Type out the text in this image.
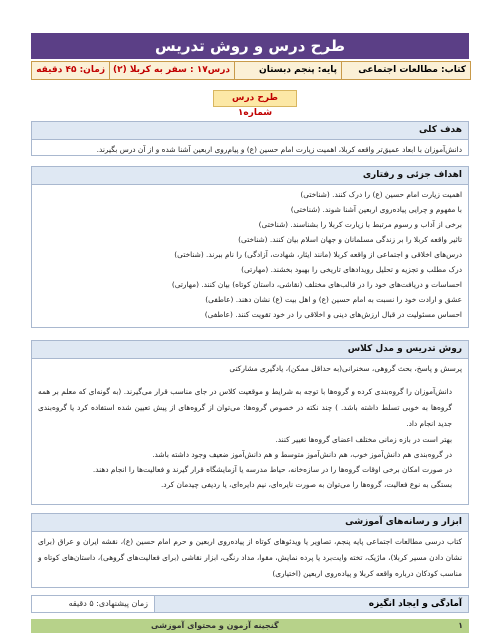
طرح درس و روش تدریس
کتاب: مطالعات اجتماعی
پایه: پنجم دبستان
درس۱۷ : سفر به کربلا (۲)
زمان: ۴۵ دقیقه
طرح درس شماره۱
هدف کلی
دانش‌آموزان با ابعاد عمیق‌تر واقعه کربلا، اهمیت زیارت امام حسین (ع) و پیام‌روی اربعین آشنا شده و از آن درس بگیرند.
اهداف جزئی و رفتاری
اهمیت زیارت امام حسین (ع) را درک کنند. (شناختی)
با مفهوم و چرایی پیاده‌روی اربعین آشنا شوند. (شناختی)
برخی از آداب و رسوم مرتبط با زیارت کربلا را بشناسند. (شناختی)
تاثیر واقعه کربلا را بر زندگی مسلمانان و جهان اسلام بیان کنند. (شناختی)
درس‌های اخلاقی و اجتماعی از واقعه کربلا (مانند ایثار، شهادت، آزادگی) را نام ببرند. (شناختی)
درک مطلب و تجزیه و تحلیل رویدادهای تاریخی را بهبود بخشند. (مهارتی)
احساسات و دریافت‌های خود را در قالب‌های مختلف (نقاشی، داستان کوتاه) بیان کنند. (مهارتی)
عشق و ارادت خود را نسبت به امام حسین (ع) و اهل بیت (ع) نشان دهند. (عاطفی)
احساس مسئولیت در قبال ارزش‌های دینی و اخلاقی را در خود تقویت کنند. (عاطفی)
روش تدریس و مدل کلاس
پرسش و پاسخ، بحث گروهی، سخنرانی(به حداقل ممکن)، یادگیری مشارکتی
دانش‌آموزان را گروه‌بندی کرده و گروه‌ها با توجه به شرایط و موقعیت کلاس در جای مناسب قرار می‌گیرند. (به گونه‌ای که معلم بر همه گروه‌ها به خوبی تسلط داشته باشد. ) چند نکته در خصوص گروه‌ها: می‌توان از گروه‌های از پیش تعیین شده استفاده کرد یا گروه‌بندی جدید انجام داد.
بهتر است در بازه زمانی مختلف اعضای گروه‌ها تغییر کنند.
در گروه‌بندی هم دانش‌آموز خوب، هم دانش‌آموز متوسط و هم دانش‌آموز ضعیف وجود داشته باشد.
در صورت امکان برخی اوقات گروه‌ها را در سازه‌خانه، حیاط مدرسه یا آزمایشگاه قرار گیرند و فعالیت‌ها را انجام دهند.
بستگی به نوع فعالیت، گروه‌ها را می‌توان به صورت نایره‌ای، نیم دایره‌ای، یا ردیفی چیدمان کرد.
ابزار و رسانه‌های آموزشی
کتاب درسی مطالعات اجتماعی پایه پنجم، تصاویر یا ویدئوهای کوتاه از پیاده‌روی اربعین و حرم امام حسین (ع)، نقشه ایران و عراق (برای نشان دادن مسیر کربلا)، ماژیک، تخته وایت‌برد یا پرده نمایش، مقوا، مداد رنگی، ابزار نقاشی (برای فعالیت‌های گروهی)، داستان‌های کوتاه و مناسب کودکان درباره واقعه کربلا و پیاده‌روی اربعین (اختیاری)
آمادگی و ایجاد انگیزه
زمان پیشنهادی: ۵ دقیقه
۱
گنجینه آزمون و محتوای آموزشی
